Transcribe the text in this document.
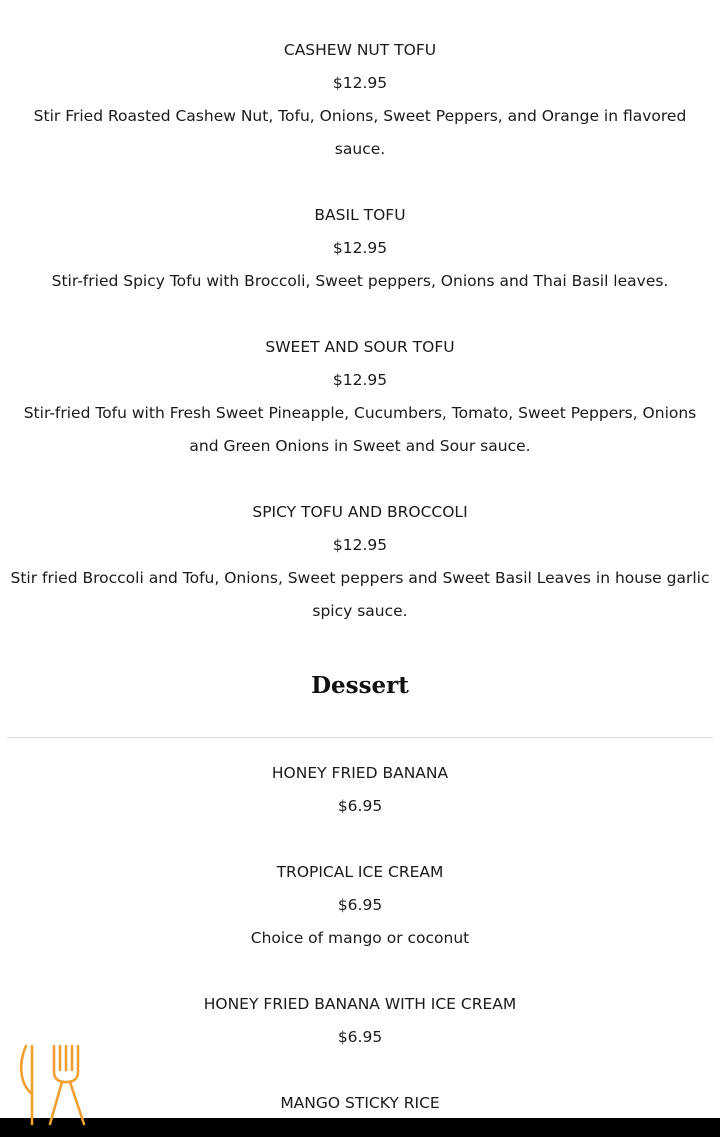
CASHEW NUT TOFU
$12.95
Stir Fried Roasted Cashew Nut, Tofu, Onions, Sweet Peppers, and Orange in flavored sauce.
BASIL TOFU
$12.95
Stir-fried Spicy Tofu with Broccoli, Sweet peppers, Onions and Thai Basil leaves.
SWEET AND SOUR TOFU
$12.95
Stir-fried Tofu with Fresh Sweet Pineapple, Cucumbers, Tomato, Sweet Peppers, Onions and Green Onions in Sweet and Sour sauce.
SPICY TOFU AND BROCCOLI
$12.95
Stir fried Broccoli and Tofu, Onions, Sweet peppers and Sweet Basil Leaves in house garlic spicy sauce.
Dessert
HONEY FRIED BANANA
$6.95
TROPICAL ICE CREAM
$6.95
Choice of mango or coconut
HONEY FRIED BANANA WITH ICE CREAM
$6.95
MANGO STICKY RICE
